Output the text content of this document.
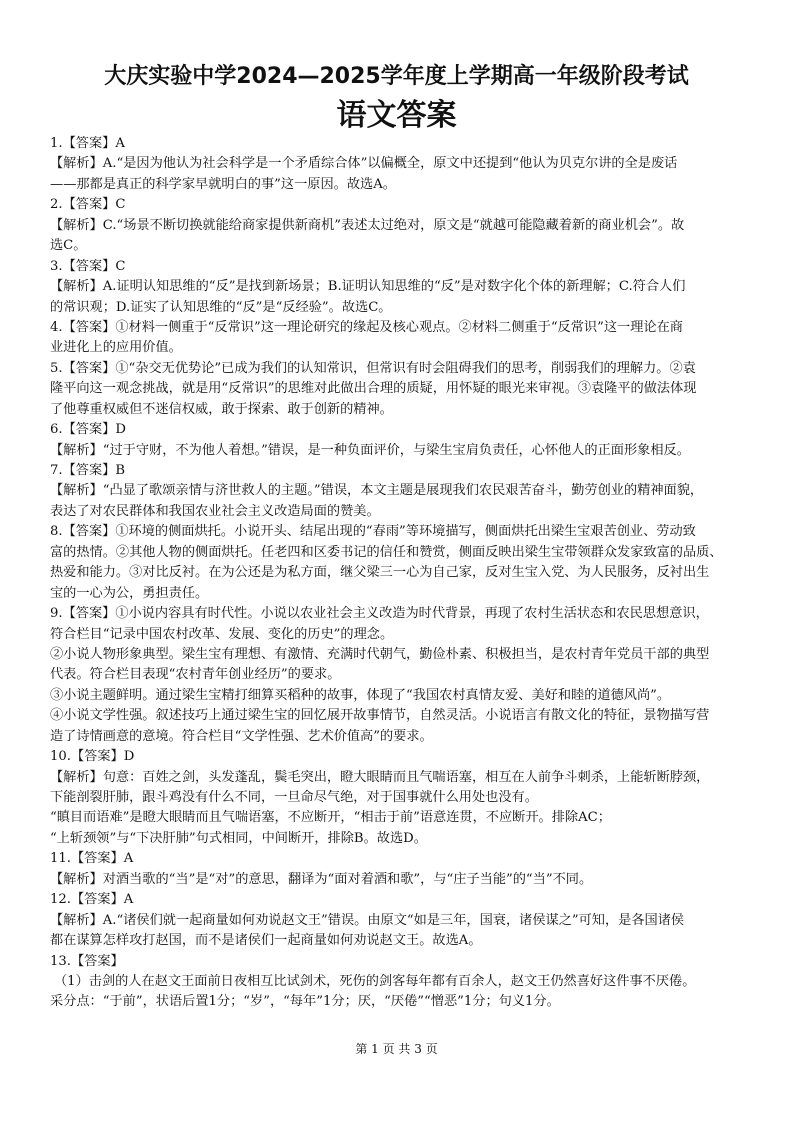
大庆实验中学2024—2025学年度上学期高一年级阶段考试
语文答案
1.【答案】A
【解析】A.“是因为他认为社会科学是一个矛盾综合体”以偏概全，原文中还提到“他认为贝克尔讲的全是废话
——那都是真正的科学家早就明白的事”这一原因。故选A。
2.【答案】C
【解析】C.“场景不断切换就能给商家提供新商机”表述太过绝对，原文是“就越可能隐藏着新的商业机会”。故
选C。
3.【答案】C
【解析】A.证明认知思维的“反”是找到新场景；B.证明认知思维的“反”是对数字化个体的新理解；C.符合人们
的常识观；D.证实了认知思维的“反”是“反经验”。故选C。
4.【答案】①材料一侧重于“反常识”这一理论研究的缘起及核心观点。②材料二侧重于“反常识”这一理论在商
业进化上的应用价值。
5.【答案】①“杂交无优势论”已成为我们的认知常识，但常识有时会阻碍我们的思考，削弱我们的理解力。②袁
隆平向这一观念挑战，就是用“反常识”的思维对此做出合理的质疑，用怀疑的眼光来审视。③袁隆平的做法体现
了他尊重权威但不迷信权威，敢于探索、敢于创新的精神。
6.【答案】D
【解析】“过于守财，不为他人着想。”错误，是一种负面评价，与梁生宝肩负责任，心怀他人的正面形象相反。
7.【答案】B
【解析】“凸显了歌颂亲情与济世救人的主题。”错误，本文主题是展现我们农民艰苦奋斗，勤劳创业的精神面貌，
表达了对农民群体和我国农业社会主义改造局面的赞美。
8.【答案】①环境的侧面烘托。小说开头、结尾出现的“春雨”等环境描写，侧面烘托出梁生宝艰苦创业、劳动致
富的热情。②其他人物的侧面烘托。任老四和区委书记的信任和赞赏，侧面反映出梁生宝带领群众发家致富的品质、
热爱和能力。③对比反衬。在为公还是为私方面，继父梁三一心为自己家，反对生宝入党、为人民服务，反衬出生
宝的一心为公，勇担责任。
9.【答案】①小说内容具有时代性。小说以农业社会主义改造为时代背景，再现了农村生活状态和农民思想意识，
符合栏目“记录中国农村改革、发展、变化的历史”的理念。
②小说人物形象典型。梁生宝有理想、有激情、充满时代朝气，勤俭朴素、积极担当，是农村青年党员干部的典型
代表。符合栏目表现“农村青年创业经历”的要求。
③小说主题鲜明。通过梁生宝精打细算买稻种的故事，体现了“我国农村真情友爱、美好和睦的道德风尚”。
④小说文学性强。叙述技巧上通过梁生宝的回忆展开故事情节，自然灵活。小说语言有散文化的特征，景物描写营
造了诗情画意的意境。符合栏目“文学性强、艺术价值高”的要求。
10.【答案】D
【解析】句意：百姓之剑，头发蓬乱，鬓毛突出，瞪大眼睛而且气喘语塞，相互在人前争斗刺杀，上能斩断脖颈，
下能剖裂肝肺，跟斗鸡没有什么不同，一旦命尽气绝，对于国事就什么用处也没有。
“瞋目而语难”是瞪大眼睛而且气喘语塞，不应断开，“相击于前”语意连贯，不应断开。排除AC；
“上斩颈领”与“下决肝肺”句式相同，中间断开，排除B。故选D。
11.【答案】A
【解析】对酒当歌的“当”是“对”的意思，翻译为“面对着酒和歌”，与“庄子当能”的“当”不同。
12.【答案】A
【解析】A.“诸侯们就一起商量如何劝说赵文王”错误。由原文“如是三年，国衰，诸侯谋之”可知，是各国诸侯
都在谋算怎样攻打赵国，而不是诸侯们一起商量如何劝说赵文王。故选A。
13.【答案】
（1）击剑的人在赵文王面前日夜相互比试剑术，死伤的剑客每年都有百余人，赵文王仍然喜好这件事不厌倦。
采分点：“于前”，状语后置1分；“岁”，“每年”1分；厌，“厌倦”“憎恶”1分；句义1分。
第 1 页 共 3 页
